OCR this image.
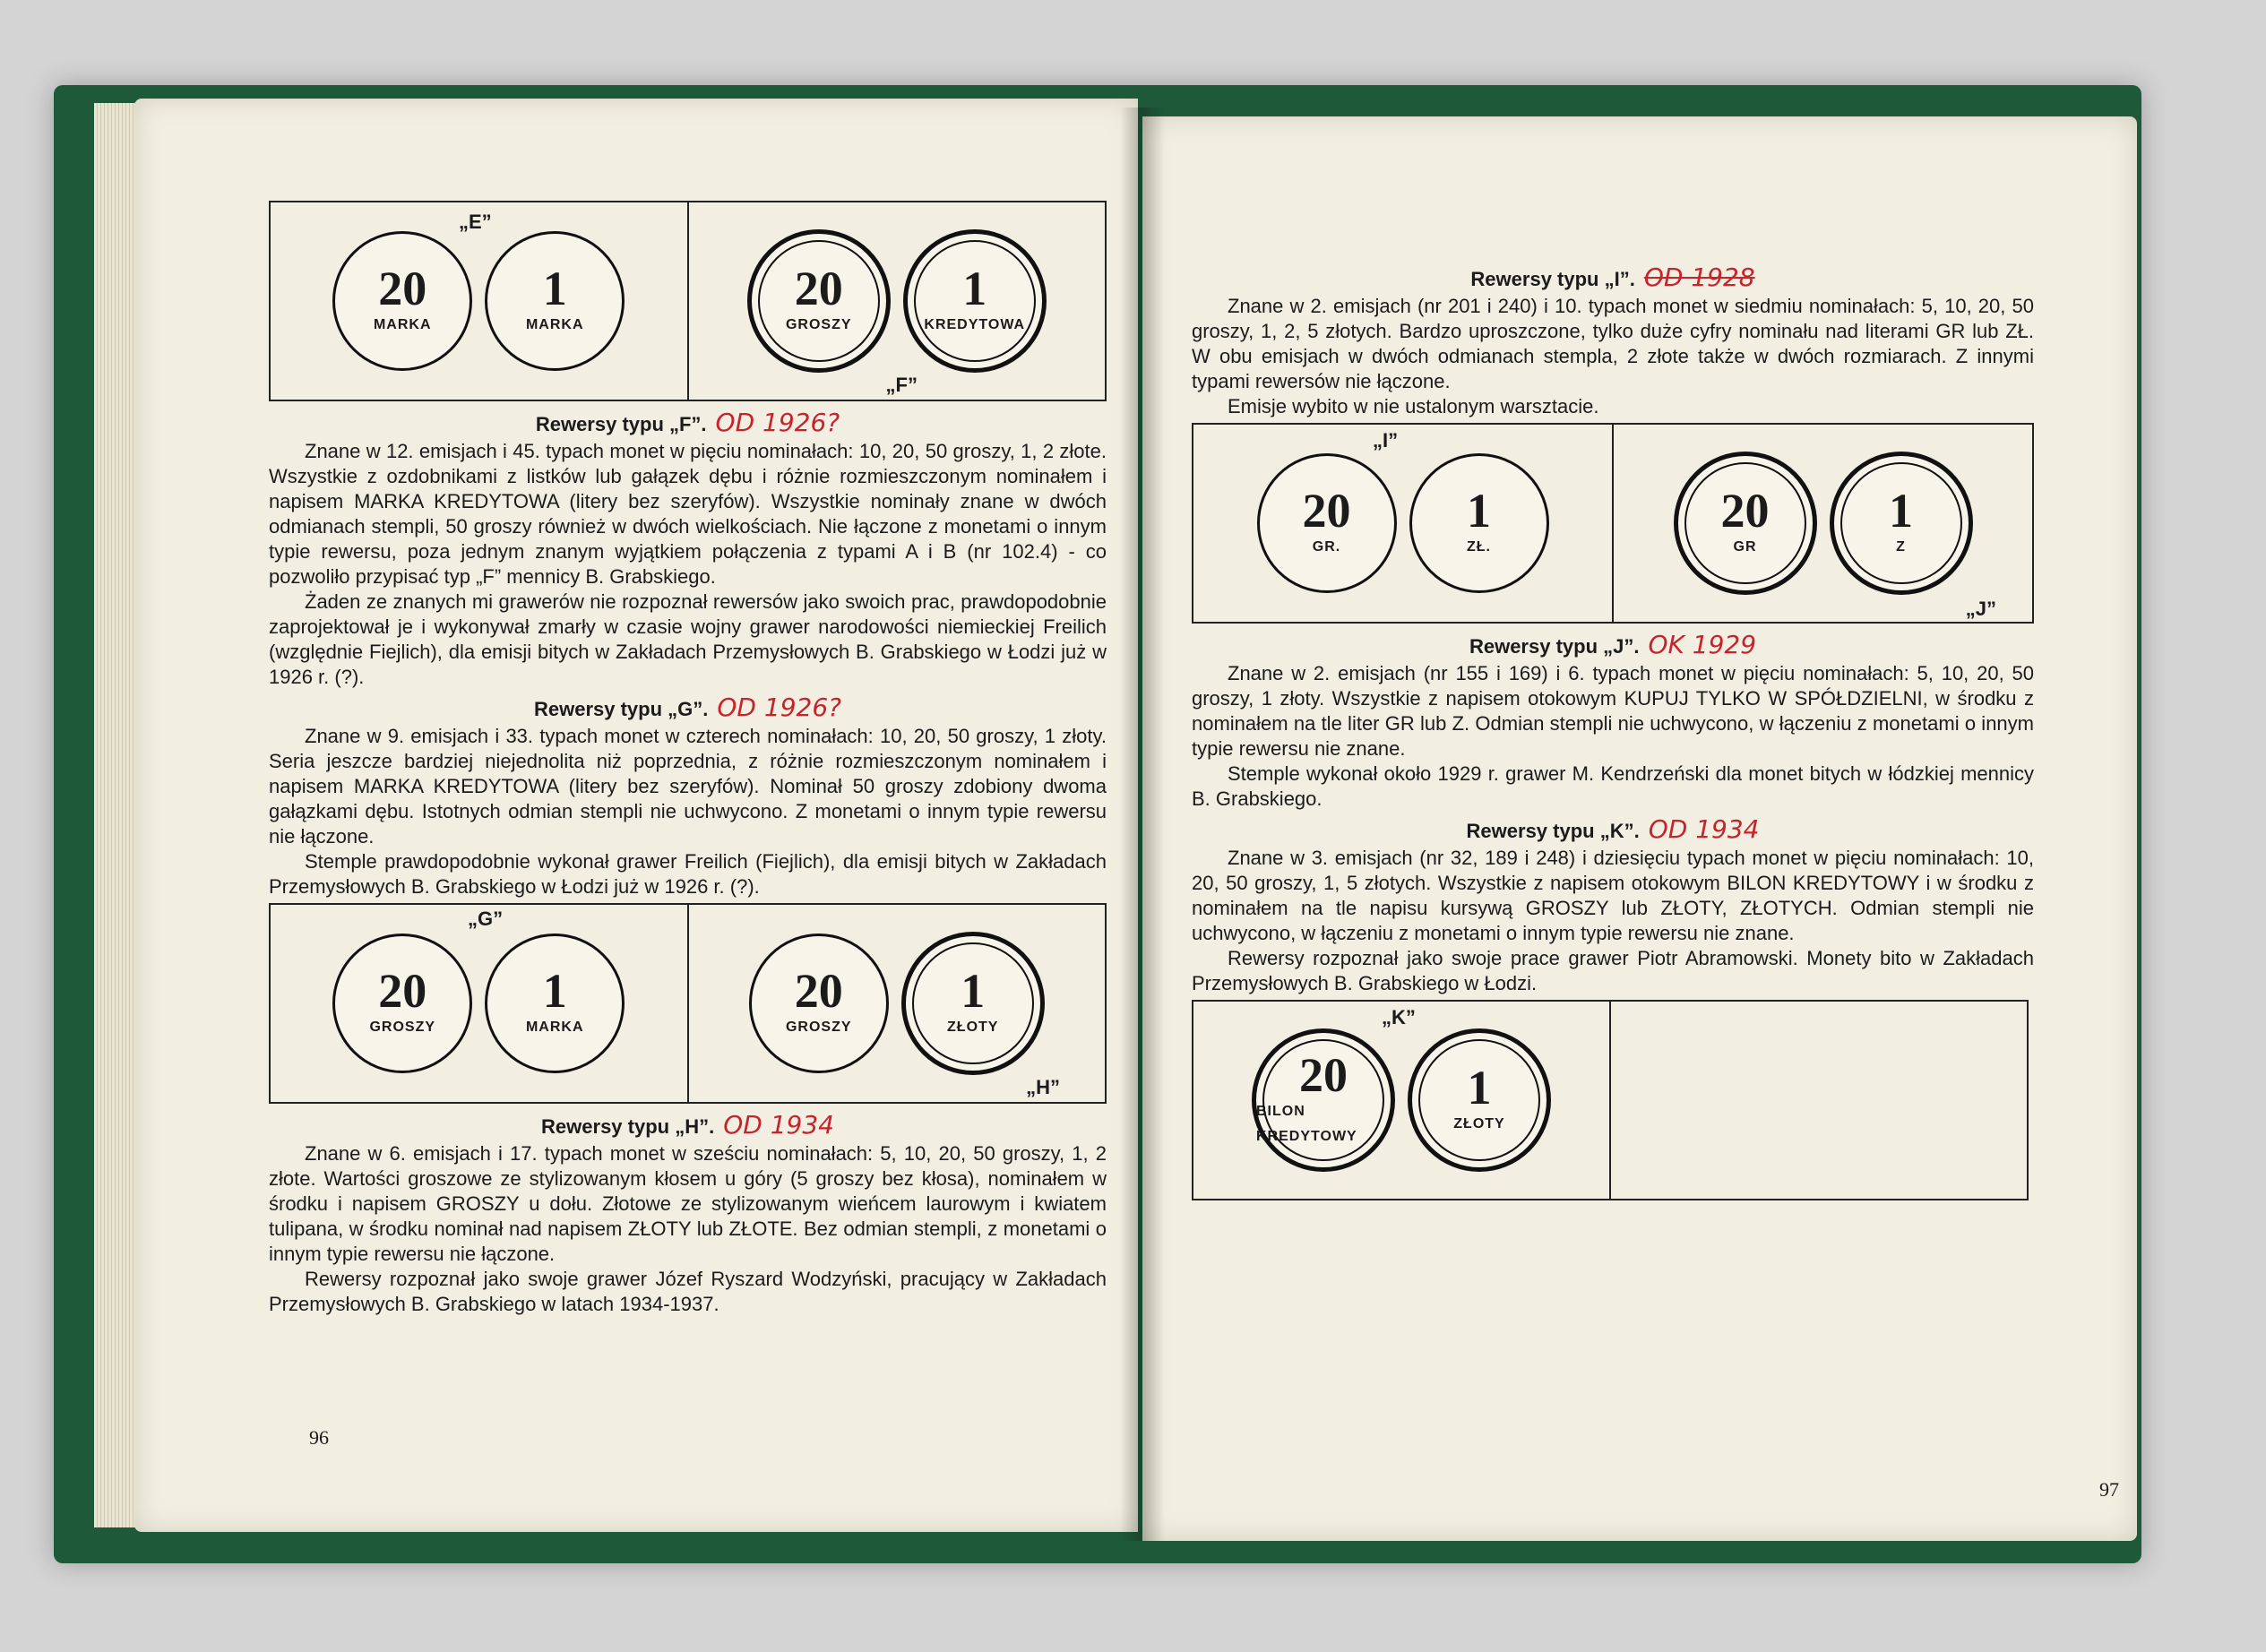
„E”
20
MARKA
1
MARKA
20
GROSZY
1
KREDYTOWA
„F”
Rewersy typu „F”. OD 1926?

Znane w 12. emisjach i 45. typach monet w pięciu nominałach: 10, 20, 50 groszy, 1, 2 złote. Wszystkie z ozdobnikami z listków lub gałązek dębu i różnie rozmieszczonym nominałem i napisem MARKA KREDYTOWA (litery bez szeryfów). Wszystkie nominały znane w dwóch odmianach stempli, 50 groszy również w dwóch wielkościach. Nie łączone z monetami o innym typie rewersu, poza jednym znanym wyjątkiem połączenia z typami A i B (nr 102.4) - co pozwoliło przypisać typ „F” mennicy B. Grabskiego.

Żaden ze znanych mi grawerów nie rozpoznał rewersów jako swoich prac, prawdopodobnie zaprojektował je i wykonywał zmarły w czasie wojny grawer narodowości niemieckiej Freilich (względnie Fiejlich), dla emisji bitych w Zakładach Przemysłowych B. Grabskiego w Łodzi już w 1926 r. (?).

Rewersy typu „G”. OD 1926?

Znane w 9. emisjach i 33. typach monet w czterech nominałach: 10, 20, 50 groszy, 1 złoty. Seria jeszcze bardziej niejednolita niż poprzednia, z różnie rozmieszczonym nominałem i napisem MARKA KREDYTOWA (litery bez szeryfów). Nominał 50 groszy zdobiony dwoma gałązkami dębu. Istotnych odmian stempli nie uchwycono. Z monetami o innym typie rewersu nie łączone.

Stemple prawdopodobnie wykonał grawer Freilich (Fiejlich), dla emisji bitych w Zakładach Przemysłowych B. Grabskiego w Łodzi już w 1926 r. (?).

„G”
20
GROSZY
1
MARKA
20
GROSZY
1
ZŁOTY
„H”
Rewersy typu „H”. OD 1934

Znane w 6. emisjach i 17. typach monet w sześciu nominałach: 5, 10, 20, 50 groszy, 1, 2 złote. Wartości groszowe ze stylizowanym kłosem u góry (5 groszy bez kłosa), nominałem w środku i napisem GROSZY u dołu. Złotowe ze stylizowanym wieńcem laurowym i kwiatem tulipana, w środku nominał nad napisem ZŁOTY lub ZŁOTE. Bez odmian stempli, z monetami o innym typie rewersu nie łączone.

Rewersy rozpoznał jako swoje grawer Józef Ryszard Wodzyński, pracujący w Zakładach Przemysłowych B. Grabskiego w latach 1934-1937.

96
Rewersy typu „I”. OD 1928

Znane w 2. emisjach (nr 201 i 240) i 10. typach monet w siedmiu nominałach: 5, 10, 20, 50 groszy, 1, 2, 5 złotych. Bardzo uproszczone, tylko duże cyfry nominału nad literami GR lub ZŁ. W obu emisjach w dwóch odmianach stempla, 2 złote także w dwóch rozmiarach. Z innymi typami rewersów nie łączone.

Emisje wybito w nie ustalonym warsztacie.

„I”
20
GR.
1
ZŁ.
20
GR
1
Z
„J”
Rewersy typu „J”. OK 1929

Znane w 2. emisjach (nr 155 i 169) i 6. typach monet w pięciu nominałach: 5, 10, 20, 50 groszy, 1 złoty. Wszystkie z napisem otokowym KUPUJ TYLKO W SPÓŁDZIELNI, w środku z nominałem na tle liter GR lub Z. Odmian stempli nie uchwycono, w łączeniu z monetami o innym typie rewersu nie znane.

Stemple wykonał około 1929 r. grawer M. Kendrzeński dla monet bitych w łódzkiej mennicy B. Grabskiego.

Rewersy typu „K”. OD 1934

Znane w 3. emisjach (nr 32, 189 i 248) i dziesięciu typach monet w pięciu nominałach: 10, 20, 50 groszy, 1, 5 złotych. Wszystkie z napisem otokowym BILON KREDYTOWY i w środku z nominałem na tle napisu kursywą GROSZY lub ZŁOTY, ZŁOTYCH. Odmian stempli nie uchwycono, w łączeniu z monetami o innym typie rewersu nie znane.

Rewersy rozpoznał jako swoje prace grawer Piotr Abramowski. Monety bito w Zakładach Przemysłowych B. Grabskiego w Łodzi.

„K”
20
BILON KREDYTOWY
1
ZŁOTY
97
